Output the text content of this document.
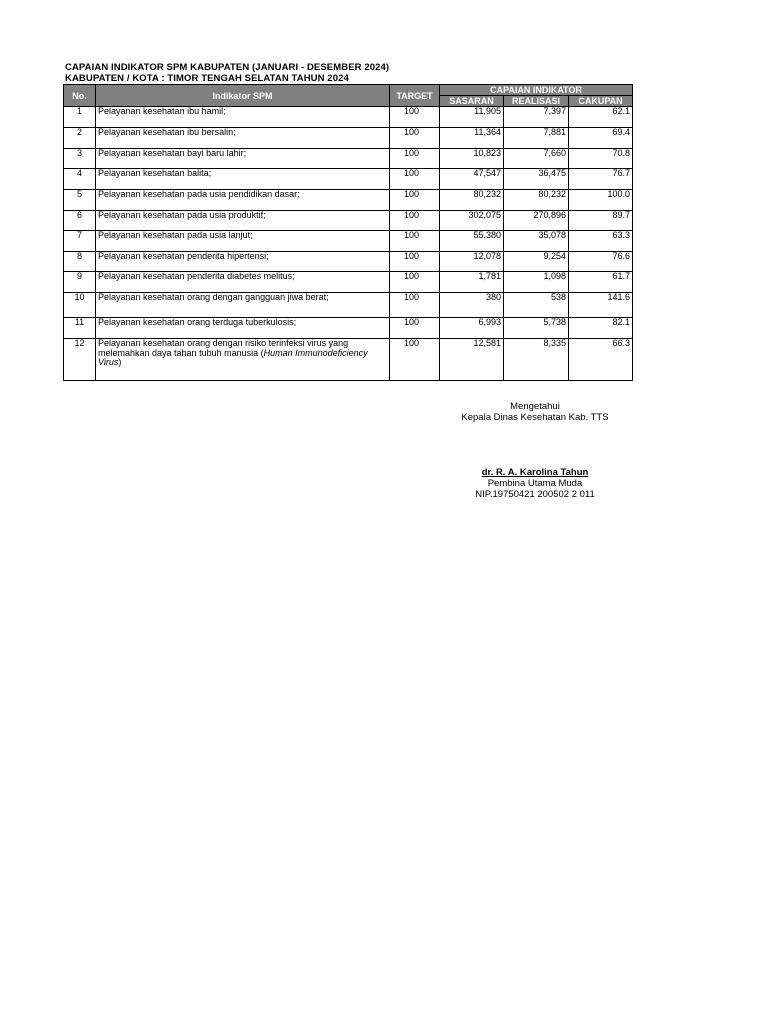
CAPAIAN INDIKATOR SPM KABUPATEN (JANUARI - DESEMBER 2024)
KABUPATEN / KOTA : TIMOR TENGAH SELATAN TAHUN 2024
No.	Indikator SPM	TARGET	CAPAIAN INDIKATOR		
			SASARAN	REALISASI	CAKUPAN
1	Pelayanan kesehatan ibu hamil;	100	11,905	7,397	62.1
2	Pelayanan kesehatan ibu bersalin;	100	11,364	7,881	69.4
3	Pelayanan kesehatan bayi baru lahir;	100	10,823	7,660	70.8
4	Pelayanan kesehatan balita;	100	47,547	36,475	76.7
5	Pelayanan kesehatan pada usia pendidikan dasar;	100	80,232	80,232	100.0
6	Pelayanan kesehatan pada usia produktif;	100	302,075	270,896	89.7
7	Pelayanan kesehatan pada usia lanjut;	100	55,380	35,078	63.3
8	Pelayanan kesehatan penderita hipertensi;	100	12,078	9,254	76.6
9	Pelayanan kesehatan penderita diabetes melitus;	100	1,781	1,098	61.7
10	Pelayanan kesehatan orang dengan gangguan jiwa berat;	100	380	538	141.6
11	Pelayanan kesehatan orang terduga tuberkulosis;	100	6,993	5,738	82.1
12	Pelayanan kesehatan orang dengan risiko terinfeksi virus yang melemahkan daya tahan tubuh manusia (Human Immunodeficiency Virus)	100	12,581	8,335	66.3
Mengetahui
Kepala Dinas Kesehatan Kab. TTS
dr. R. A. Karolina Tahun
Pembina Utama Muda
NIP.19750421 200502 2 011
